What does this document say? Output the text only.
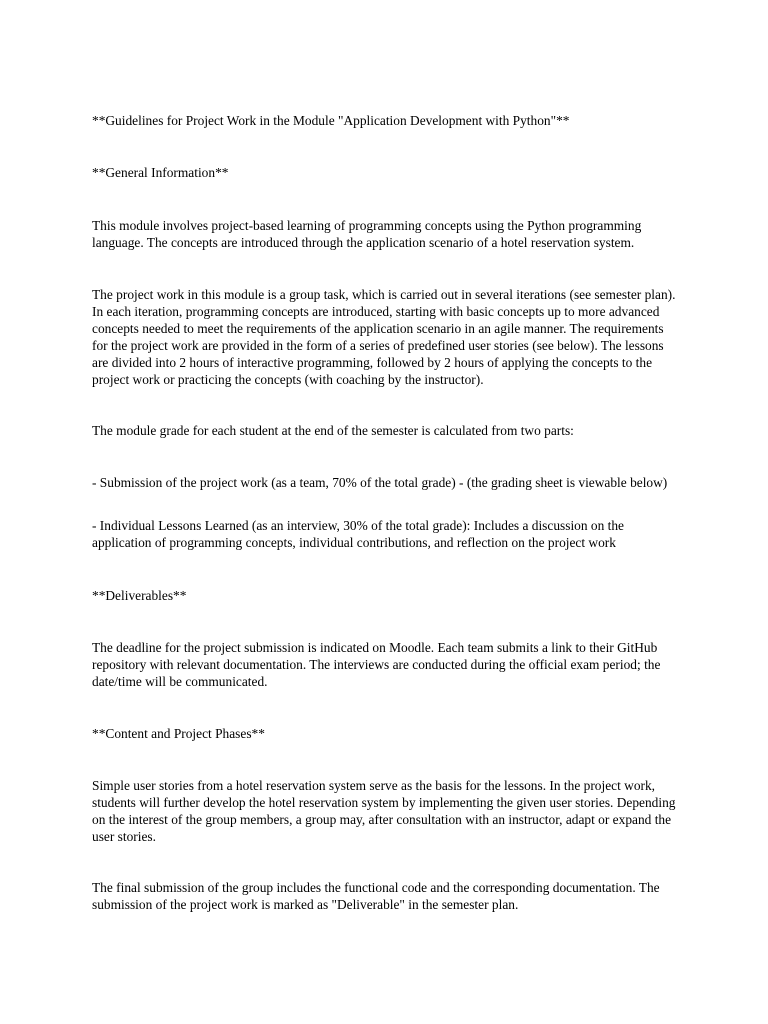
**Guidelines for Project Work in the Module "Application Development with Python"**

**General Information**

This module involves project-based learning of programming concepts using the Python programming language. The concepts are introduced through the application scenario of a hotel reservation system.

The project work in this module is a group task, which is carried out in several iterations (see semester plan). In each iteration, programming concepts are introduced, starting with basic concepts up to more advanced concepts needed to meet the requirements of the application scenario in an agile manner. The requirements for the project work are provided in the form of a series of predefined user stories (see below). The lessons are divided into 2 hours of interactive programming, followed by 2 hours of applying the concepts to the project work or practicing the concepts (with coaching by the instructor).

The module grade for each student at the end of the semester is calculated from two parts:

- Submission of the project work (as a team, 70% of the total grade) - (the grading sheet is viewable below)

- Individual Lessons Learned (as an interview, 30% of the total grade): Includes a discussion on the application of programming concepts, individual contributions, and reflection on the project work

**Deliverables**

The deadline for the project submission is indicated on Moodle. Each team submits a link to their GitHub repository with relevant documentation. The interviews are conducted during the official exam period; the date/time will be communicated.

**Content and Project Phases**

Simple user stories from a hotel reservation system serve as the basis for the lessons. In the project work, students will further develop the hotel reservation system by implementing the given user stories. Depending on the interest of the group members, a group may, after consultation with an instructor, adapt or expand the user stories.

The final submission of the group includes the functional code and the corresponding documentation. The submission of the project work is marked as "Deliverable" in the semester plan.
